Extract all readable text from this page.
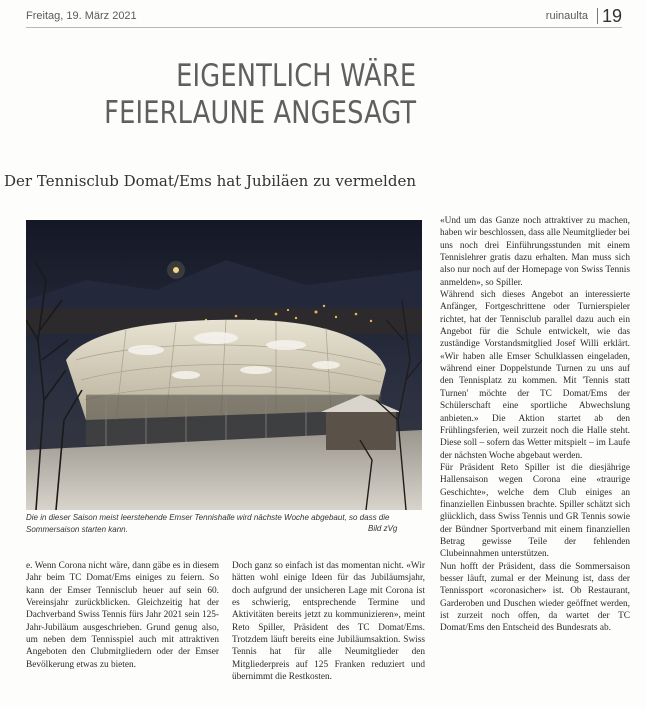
Freitag, 19. März 2021	ruinaulta 19
EIGENTLICH WÄRE
FEIERLAUNE ANGESAGT
Der Tennisclub Domat/Ems hat Jubiläen zu vermelden
Die in dieser Saison meist leerstehende Emser Tennishalle wird nächste Woche abgebaut, so dass die Sommersaison starten kann.	Bild zVg

e. Wenn Corona nicht wäre, dann gäbe es in diesem Jahr beim TC Domat/Ems einiges zu feiern. So kann der Emser Tennisclub heuer auf sein 60. Vereinsjahr zurückblicken. Gleichzeitig hat der Dachverband Swiss Tennis fürs Jahr 2021 sein 125-Jahr-Jubiläum ausgeschrieben. Grund genug also, um neben dem Tennisspiel auch mit attraktiven Angeboten den Clubmitgliedern oder der Emser Bevölkerung etwas zu bieten.

Doch ganz so einfach ist das momentan nicht. «Wir hätten wohl einige Ideen für das Jubiläumsjahr, doch aufgrund der unsicheren Lage mit Corona ist es schwierig, entsprechende Termine und Aktivitäten bereits jetzt zu kommunizieren», meint Reto Spiller, Präsident des TC Domat/Ems. Trotzdem läuft bereits eine Jubiläumsaktion. Swiss Tennis hat für alle Neumitglieder den Mitgliederpreis auf 125 Franken reduziert und übernimmt die Restkosten.

«Und um das Ganze noch attraktiver zu machen, haben wir beschlossen, dass alle Neumitglieder bei uns noch drei Einführungsstunden mit einem Tennislehrer gratis dazu erhalten. Man muss sich also nur noch auf der Homepage von Swiss Tennis anmelden», so Spiller.

Während sich dieses Angebot an interessierte Anfänger, Fortgeschrittene oder Turnierspieler richtet, hat der Tennisclub parallel dazu auch ein Angebot für die Schule entwickelt, wie das zuständige Vorstandsmitglied Josef Willi erklärt. «Wir haben alle Emser Schulklassen eingeladen, während einer Doppelstunde Turnen zu uns auf den Tennisplatz zu kommen. Mit 'Tennis statt Turnen' möchte der TC Domat/Ems der Schülerschaft eine sportliche Abwechslung anbieten.» Die Aktion startet ab den Frühlingsferien, weil zurzeit noch die Halle steht. Diese soll – sofern das Wetter mitspielt – im Laufe der nächsten Woche abgebaut werden.

Für Präsident Reto Spiller ist die diesjährige Hallensaison wegen Corona eine «traurige Geschichte», welche dem Club einiges an finanziellen Einbussen brachte. Spiller schätzt sich glücklich, dass Swiss Tennis und GR Tennis sowie der Bündner Sportverband mit einem finanziellen Betrag gewisse Teile der fehlenden Clubeinnahmen unterstützen.

Nun hofft der Präsident, dass die Sommersaison besser läuft, zumal er der Meinung ist, dass der Tennissport «coronasicher» ist. Ob Restaurant, Garderoben und Duschen wieder geöffnet werden, ist zurzeit noch offen, da wartet der TC Domat/Ems den Entscheid des Bundesrats ab.
